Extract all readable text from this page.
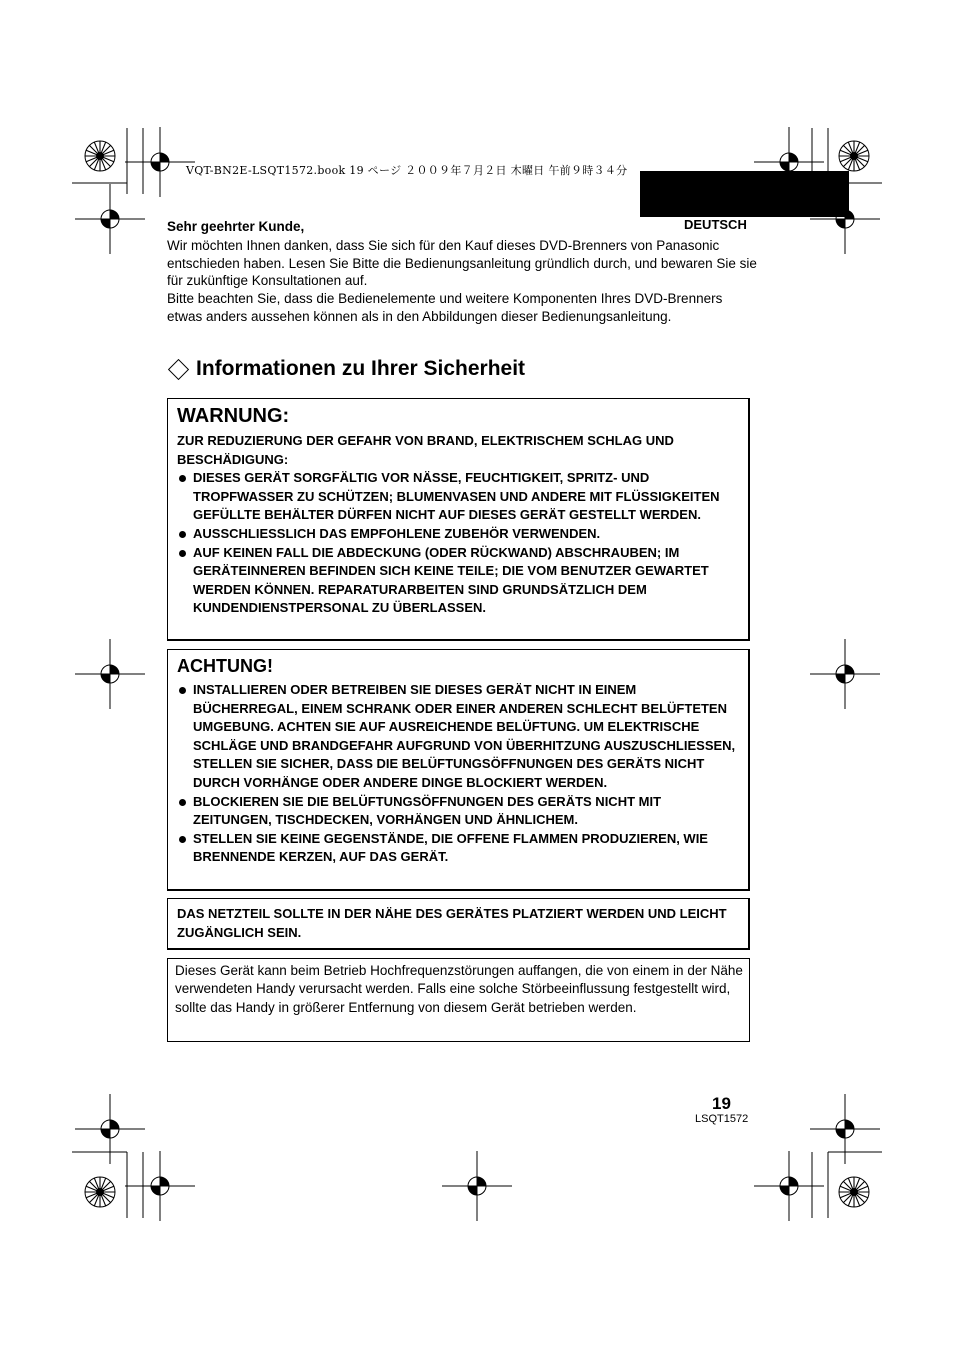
VQT-BN2E-LSQT1572.book 19 ページ ２００９年７月２日 木曜日 午前９時３４分
DEUTSCH

Sehr geehrter Kunde,

Wir möchten Ihnen danken, dass Sie sich für den Kauf dieses DVD-Brenners von Panasonic entschieden haben. Lesen Sie Bitte die Bedienungsanleitung gründlich durch, und bewaren Sie sie für zukünftige Konsultationen auf.

Bitte beachten Sie, dass die Bedienelemente und weitere Komponenten Ihres DVD-Brenners etwas anders aussehen können als in den Abbildungen dieser Bedienungsanleitung.

Informationen zu Ihrer Sicherheit
WARNUNG:

ZUR REDUZIERUNG DER GEFAHR VON BRAND, ELEKTRISCHEM SCHLAG UND BESCHÄDIGUNG:

DIESES GERÄT SORGFÄLTIG VOR NÄSSE, FEUCHTIGKEIT, SPRITZ- UND TROPFWASSER ZU SCHÜTZEN; BLUMENVASEN UND ANDERE MIT FLÜSSIGKEITEN GEFÜLLTE BEHÄLTER DÜRFEN NICHT AUF DIESES GERÄT GESTELLT WERDEN.
AUSSCHLIESSLICH DAS EMPFOHLENE ZUBEHÖR VERWENDEN.
AUF KEINEN FALL DIE ABDECKUNG (ODER RÜCKWAND) ABSCHRAUBEN; IM GERÄTEINNEREN BEFINDEN SICH KEINE TEILE; DIE VOM BENUTZER GEWARTET WERDEN KÖNNEN. REPARATURARBEITEN SIND GRUNDSÄTZLICH DEM KUNDENDIENSTPERSONAL ZU ÜBERLASSEN.
ACHTUNG!
INSTALLIEREN ODER BETREIBEN SIE DIESES GERÄT NICHT IN EINEM BÜCHERREGAL, EINEM SCHRANK ODER EINER ANDEREN SCHLECHT BELÜFTETEN UMGEBUNG. ACHTEN SIE AUF AUSREICHENDE BELÜFTUNG. UM ELEKTRISCHE SCHLÄGE UND BRANDGEFAHR AUFGRUND VON ÜBERHITZUNG AUSZUSCHLIESSEN, STELLEN SIE SICHER, DASS DIE BELÜFTUNGSÖFFNUNGEN DES GERÄTS NICHT DURCH VORHÄNGE ODER ANDERE DINGE BLOCKIERT WERDEN.
BLOCKIEREN SIE DIE BELÜFTUNGSÖFFNUNGEN DES GERÄTS NICHT MIT ZEITUNGEN, TISCHDECKEN, VORHÄNGEN UND ÄHNLICHEM.
STELLEN SIE KEINE GEGENSTÄNDE, DIE OFFENE FLAMMEN PRODUZIEREN, WIE BRENNENDE KERZEN, AUF DAS GERÄT.

DAS NETZTEIL SOLLTE IN DER NÄHE DES GERÄTES PLATZIERT WERDEN UND LEICHT ZUGÄNGLICH SEIN.

Dieses Gerät kann beim Betrieb Hochfrequenzstörungen auffangen, die von einem in der Nähe verwendeten Handy verursacht werden. Falls eine solche Störbeeinflussung festgestellt wird, sollte das Handy in größerer Entfernung von diesem Gerät betrieben werden.
19
LSQT1572
